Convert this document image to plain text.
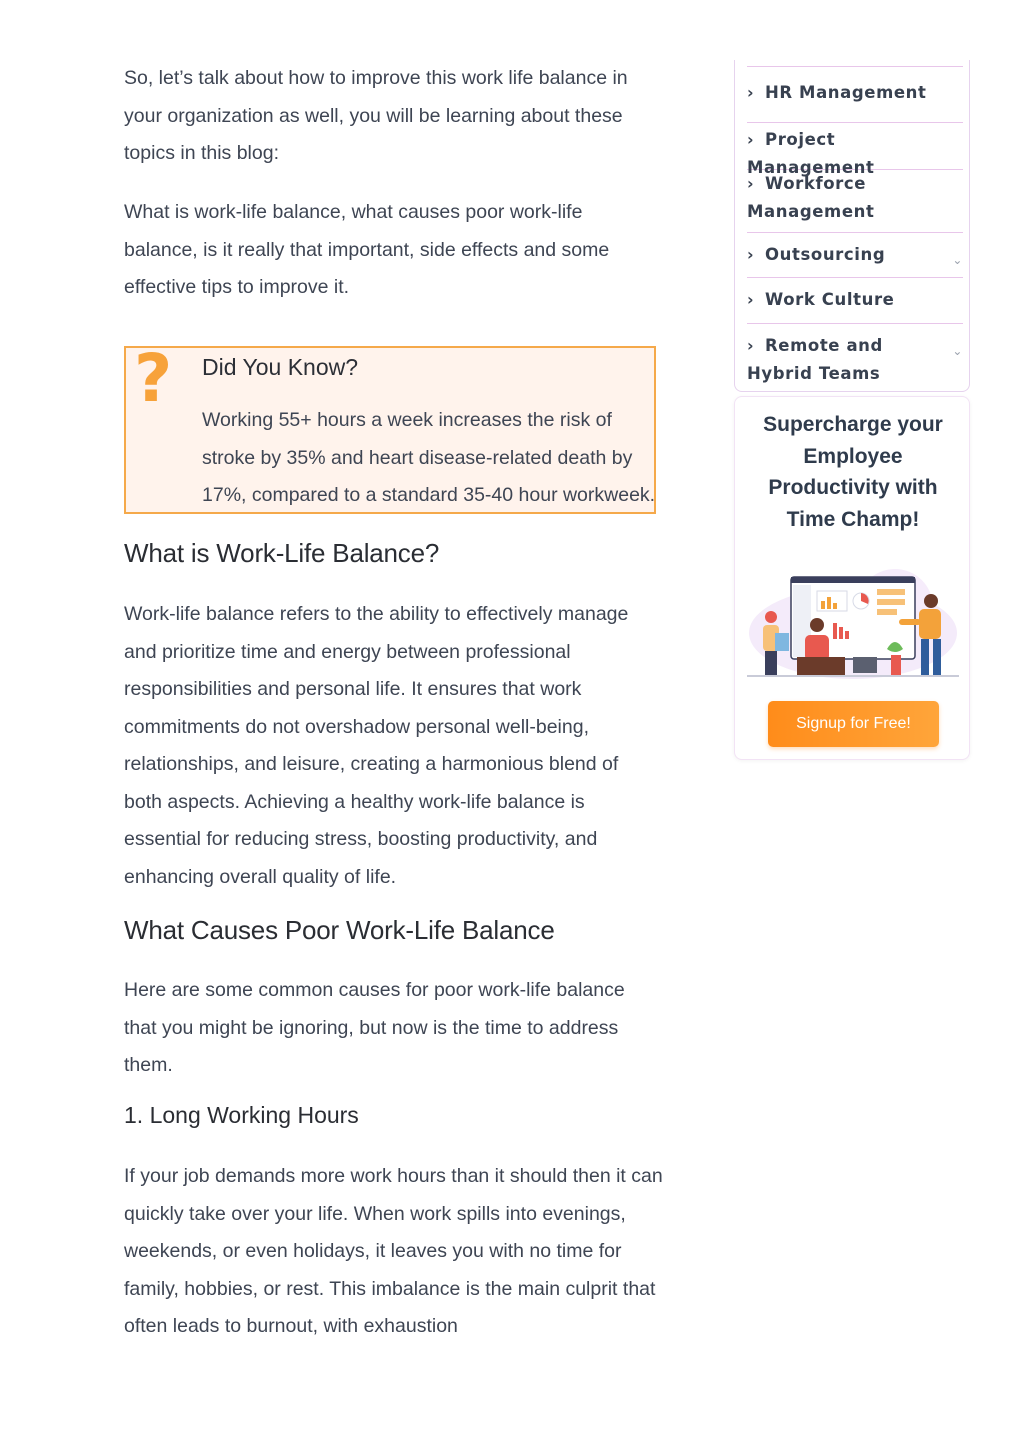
So, let’s talk about how to improve this work life balance in your organization as well, you will be learning about these topics in this blog:

What is work-life balance, what causes poor work-life balance, is it really that important, side effects and some effective tips to improve it.

? Did You Know?
Working 55+ hours a week increases the risk of stroke by 35% and heart disease-related death by 17%, compared to a standard 35-40 hour workweek.
What is Work-Life Balance?

Work-life balance refers to the ability to effectively manage and prioritize time and energy between professional responsibilities and personal life. It ensures that work commitments do not overshadow personal well-being, relationships, and leisure, creating a harmonious blend of both aspects. Achieving a healthy work-life balance is essential for reducing stress, boosting productivity, and enhancing overall quality of life.

What Causes Poor Work-Life Balance

Here are some common causes for poor work-life balance that you might be ignoring, but now is the time to address them.

1. Long Working Hours

If your job demands more work hours than it should then it can quickly take over your life. When work spills into evenings, weekends, or even holidays, it leaves you with no time for family, hobbies, or rest. This imbalance is the main culprit that often leads to burnout, with exhaustion

› HR Management
› Project Management
› Workforce Management
› Outsourcing	⌄
› Work Culture
› Remote and Hybrid Teams
⌄
Supercharge your Employee Productivity with Time Champ!
Signup for Free!
